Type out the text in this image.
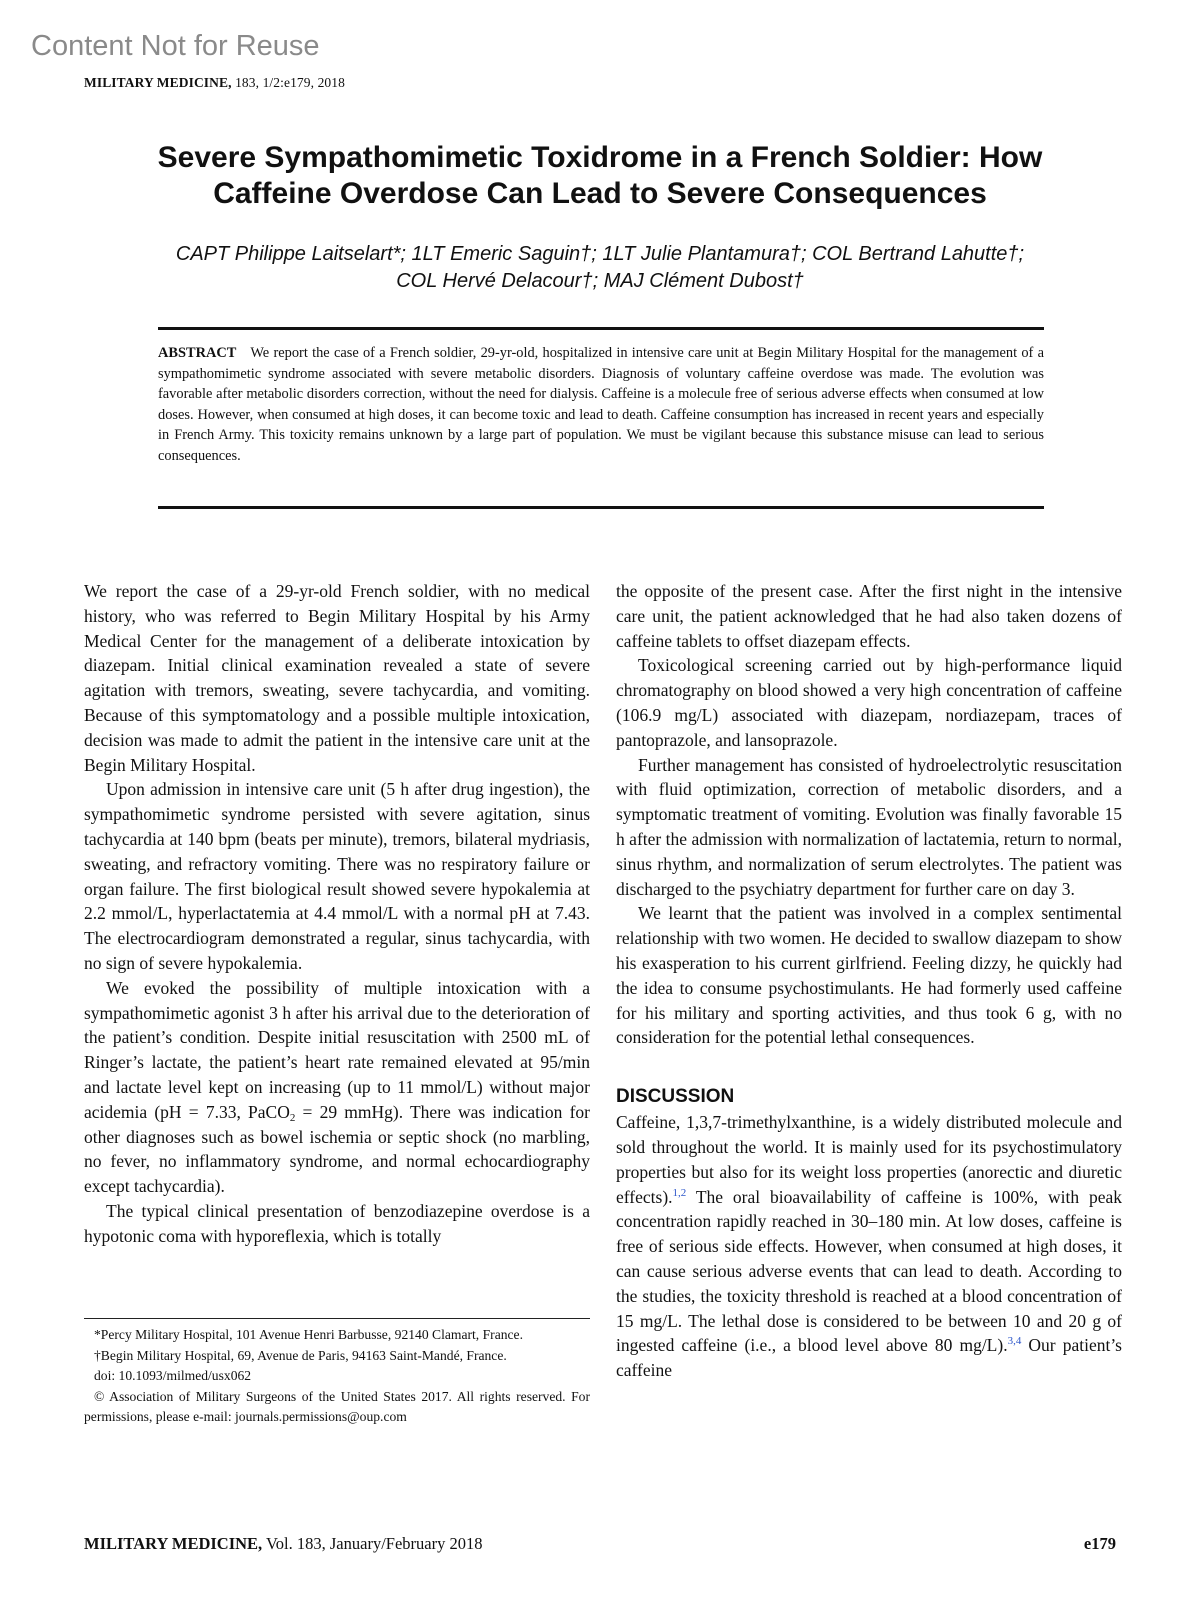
Content Not for Reuse
MILITARY MEDICINE, 183, 1/2:e179, 2018
Severe Sympathomimetic Toxidrome in a French Soldier: How
Caffeine Overdose Can Lead to Severe Consequences
CAPT Philippe Laitselart*; 1LT Emeric Saguin†; 1LT Julie Plantamura†; COL Bertrand Lahutte†;
COL Hervé Delacour†; MAJ Clément Dubost†
ABSTRACT We report the case of a French soldier, 29-yr-old, hospitalized in intensive care unit at Begin Military Hospital for the management of a sympathomimetic syndrome associated with severe metabolic disorders. Diagnosis of voluntary caffeine overdose was made. The evolution was favorable after metabolic disorders correction, without the need for dialysis. Caffeine is a molecule free of serious adverse effects when consumed at low doses. However, when consumed at high doses, it can become toxic and lead to death. Caffeine consumption has increased in recent years and especially in French Army. This toxicity remains unknown by a large part of population. We must be vigilant because this substance misuse can lead to serious consequences.

We report the case of a 29-yr-old French soldier, with no medical history, who was referred to Begin Military Hospital by his Army Medical Center for the management of a deliberate intoxication by diazepam. Initial clinical examination revealed a state of severe agitation with tremors, sweating, severe tachycardia, and vomiting. Because of this symptomatology and a possible multiple intoxication, decision was made to admit the patient in the intensive care unit at the Begin Military Hospital.

Upon admission in intensive care unit (5 h after drug ingestion), the sympathomimetic syndrome persisted with severe agitation, sinus tachycardia at 140 bpm (beats per minute), tremors, bilateral mydriasis, sweating, and refractory vomiting. There was no respiratory failure or organ failure. The first biological result showed severe hypokalemia at 2.2 mmol/L, hyperlactatemia at 4.4 mmol/L with a normal pH at 7.43. The electrocardiogram demonstrated a regular, sinus tachycardia, with no sign of severe hypokalemia.

We evoked the possibility of multiple intoxication with a sympathomimetic agonist 3 h after his arrival due to the deterioration of the patient’s condition. Despite initial resuscitation with 2500 mL of Ringer’s lactate, the patient’s heart rate remained elevated at 95/min and lactate level kept on increasing (up to 11 mmol/L) without major acidemia (pH = 7.33, PaCO$_2$ = 29 mmHg). There was indication for other diagnoses such as bowel ischemia or septic shock (no marbling, no fever, no inflammatory syndrome, and normal echocardiography except tachycardia).

The typical clinical presentation of benzodiazepine overdose is a hypotonic coma with hyporeflexia, which is totally

*Percy Military Hospital, 101 Avenue Henri Barbusse, 92140 Clamart, France.

†Begin Military Hospital, 69, Avenue de Paris, 94163 Saint-Mandé, France.

doi: 10.1093/milmed/usx062

© Association of Military Surgeons of the United States 2017. All rights reserved. For permissions, please e-mail: journals.permissions@oup.com

the opposite of the present case. After the first night in the intensive care unit, the patient acknowledged that he had also taken dozens of caffeine tablets to offset diazepam effects.

Toxicological screening carried out by high-performance liquid chromatography on blood showed a very high concentration of caffeine (106.9 mg/L) associated with diazepam, nordiazepam, traces of pantoprazole, and lansoprazole.

Further management has consisted of hydroelectrolytic resuscitation with fluid optimization, correction of metabolic disorders, and a symptomatic treatment of vomiting. Evolution was finally favorable 15 h after the admission with normalization of lactatemia, return to normal, sinus rhythm, and normalization of serum electrolytes. The patient was discharged to the psychiatry department for further care on day 3.

We learnt that the patient was involved in a complex sentimental relationship with two women. He decided to swallow diazepam to show his exasperation to his current girlfriend. Feeling dizzy, he quickly had the idea to consume psychostimulants. He had formerly used caffeine for his military and sporting activities, and thus took 6 g, with no consideration for the potential lethal consequences.

DISCUSSION

Caffeine, 1,3,7-trimethylxanthine, is a widely distributed molecule and sold throughout the world. It is mainly used for its psychostimulatory properties but also for its weight loss properties (anorectic and diuretic effects).$^{1,2}$ The oral bioavailability of caffeine is 100%, with peak concentration rapidly reached in 30–180 min. At low doses, caffeine is free of serious side effects. However, when consumed at high doses, it can cause serious adverse events that can lead to death. According to the studies, the toxicity threshold is reached at a blood concentration of 15 mg/L. The lethal dose is considered to be between 10 and 20 g of ingested caffeine (i.e., a blood level above 80 mg/L).$^{3,4}$ Our patient’s caffeine

MILITARY MEDICINE, Vol. 183, January/February 2018	e179
